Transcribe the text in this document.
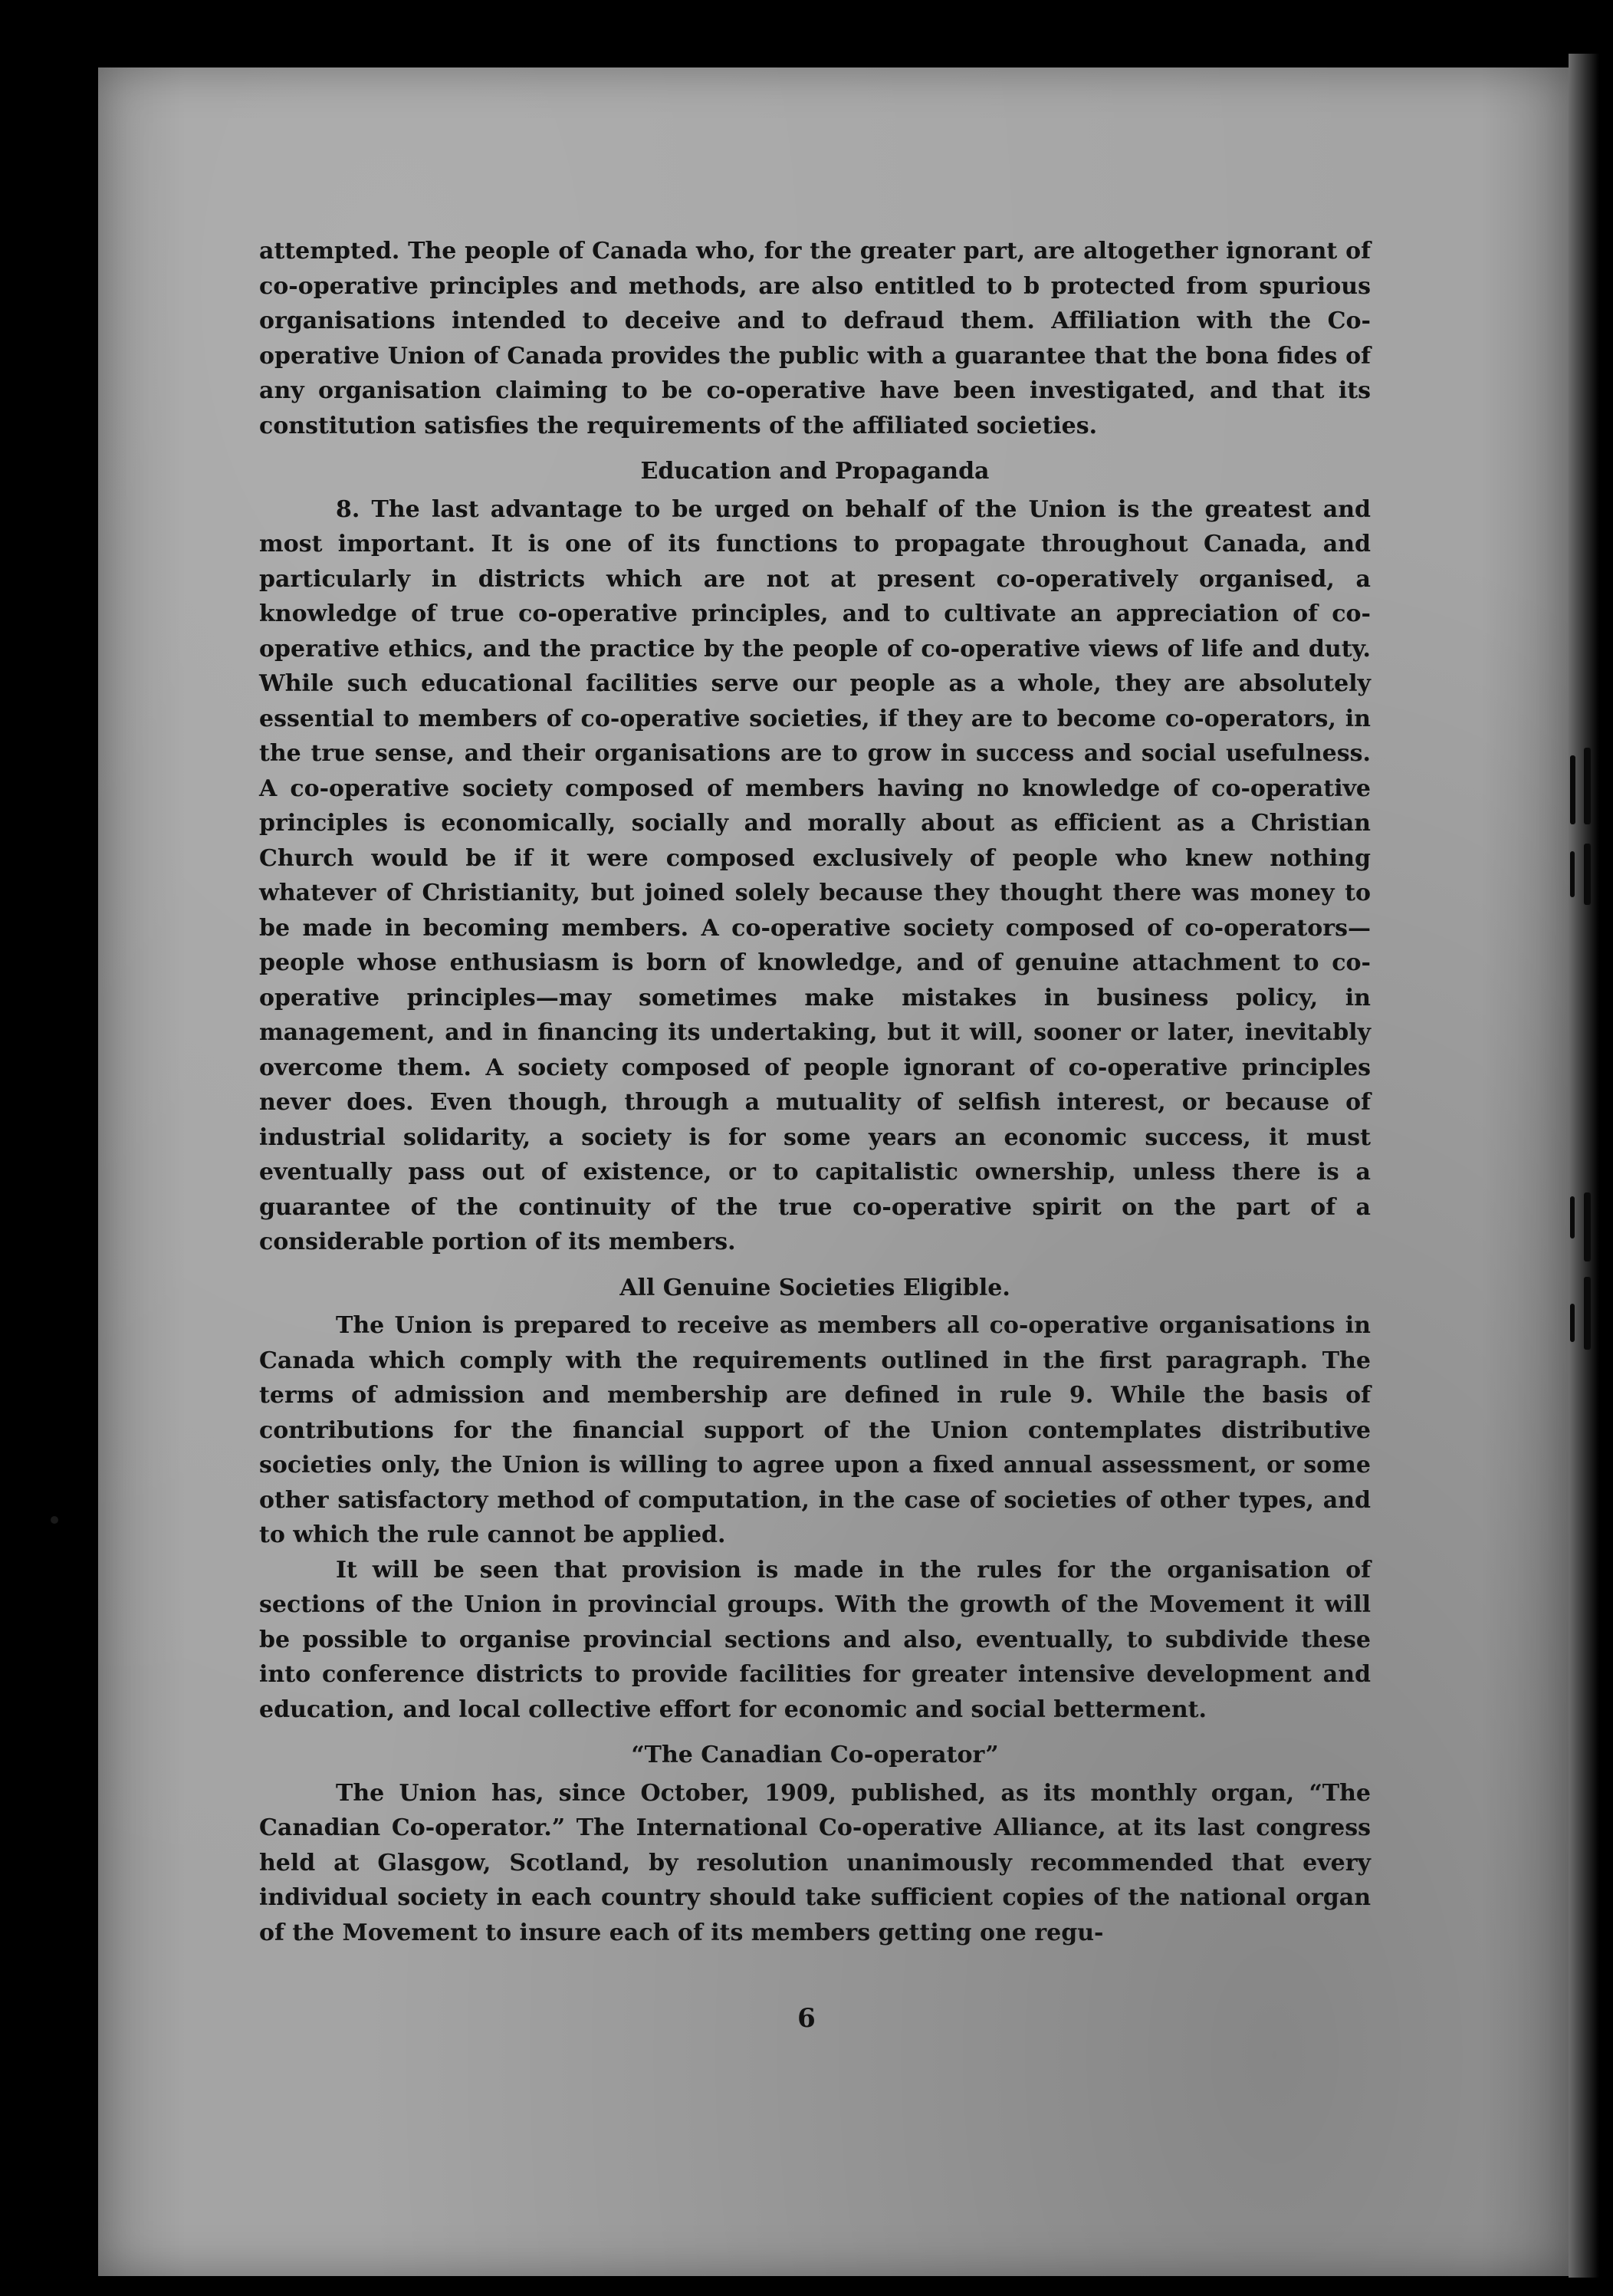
attempted. The people of Canada who, for the greater part, are altogether ignorant of co-operative principles and methods, are also entitled to b protected from spurious organisations intended to deceive and to defraud them. Affiliation with the Co-operative Union of Canada provides the public with a guarantee that the bona fides of any organisation claiming to be co-operative have been investigated, and that its constitution satisfies the requirements of the affiliated societies.

Education and Propaganda

8. The last advantage to be urged on behalf of the Union is the greatest and most important. It is one of its functions to propagate throughout Canada, and particularly in districts which are not at present co-operatively organised, a knowledge of true co-operative principles, and to cultivate an appreciation of co-operative ethics, and the practice by the people of co-operative views of life and duty. While such educational facilities serve our people as a whole, they are absolutely essential to members of co-operative societies, if they are to become co-operators, in the true sense, and their organisations are to grow in success and social usefulness. A co-operative society composed of members having no knowledge of co-operative principles is economically, socially and morally about as efficient as a Christian Church would be if it were composed exclusively of people who knew nothing whatever of Christianity, but joined solely because they thought there was money to be made in becoming members. A co-operative society composed of co-operators—people whose enthusiasm is born of knowledge, and of genuine attachment to co-operative principles—may sometimes make mistakes in business policy, in management, and in financing its undertaking, but it will, sooner or later, inevitably overcome them. A society composed of people ignorant of co-operative principles never does. Even though, through a mutuality of selfish interest, or because of industrial solidarity, a society is for some years an economic success, it must eventually pass out of existence, or to capitalistic ownership, unless there is a guarantee of the continuity of the true co-operative spirit on the part of a considerable portion of its members.

All Genuine Societies Eligible.

The Union is prepared to receive as members all co-operative organisations in Canada which comply with the requirements outlined in the first paragraph. The terms of admission and membership are defined in rule 9. While the basis of contributions for the financial support of the Union contemplates distributive societies only, the Union is willing to agree upon a fixed annual assessment, or some other satisfactory method of computation, in the case of societies of other types, and to which the rule cannot be applied.

It will be seen that provision is made in the rules for the organisation of sections of the Union in provincial groups. With the growth of the Movement it will be possible to organise provincial sections and also, eventually, to subdivide these into conference districts to provide facilities for greater intensive development and education, and local collective effort for economic and social betterment.

“The Canadian Co-operator”

The Union has, since October, 1909, published, as its monthly organ, “The Canadian Co-operator.” The International Co-operative Alliance, at its last congress held at Glasgow, Scotland, by resolution unanimously recommended that every individual society in each country should take sufficient copies of the national organ of the Movement to insure each of its members getting one regu-

6
